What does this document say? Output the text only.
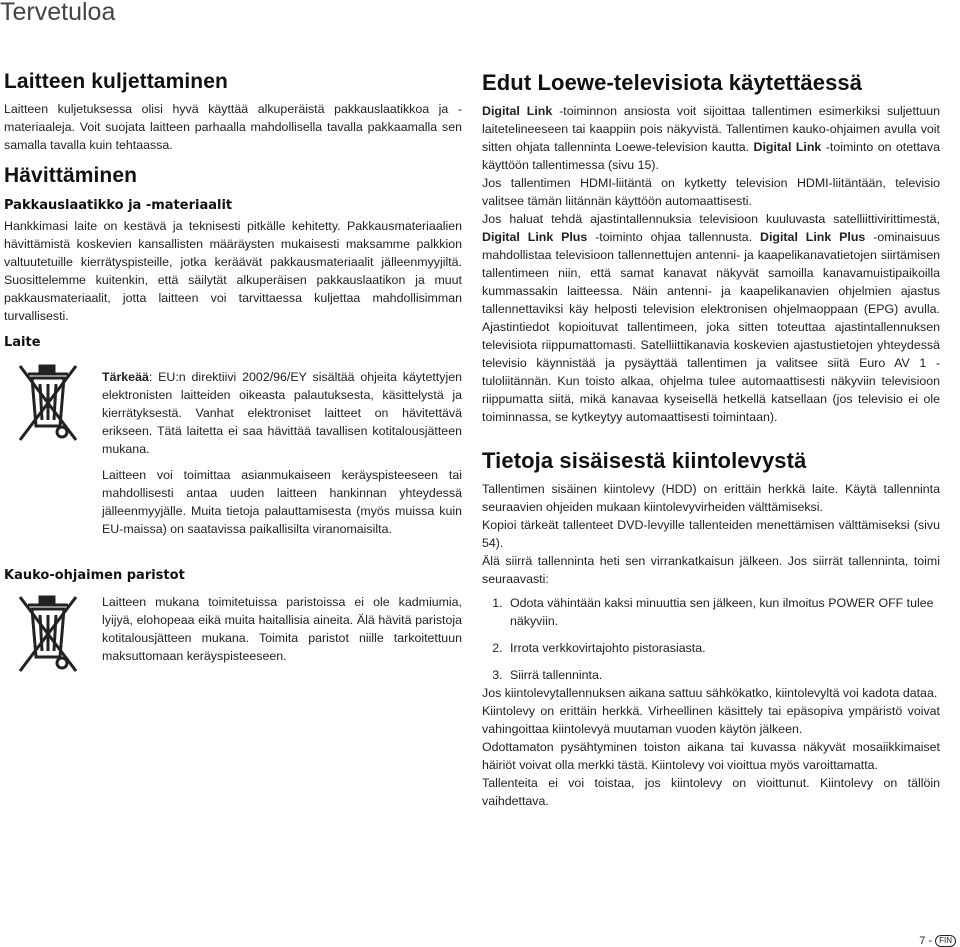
Tervetuloa
Laitteen kuljettaminen

Laitteen kuljetuksessa olisi hyvä käyttää alkuperäistä pakkauslaatikkoa ja -materiaaleja. Voit suojata laitteen parhaalla mahdollisella tavalla pakkaamalla sen samalla tavalla kuin tehtaassa.

Hävittäminen
Pakkauslaatikko ja -materiaalit

Hankkimasi laite on kestävä ja teknisesti pitkälle kehitetty. Pakkausmateriaalien hävittämistä koskevien kansallisten määräysten mukaisesti maksamme palkkion valtuutetuille kierrätyspisteille, jotka keräävät pakkausmateriaalit jälleenmyyjiltä. Suosittelemme kuitenkin, että säilytät alkuperäisen pakkauslaatikon ja muut pakkausmateriaalit, jotta laitteen voi tarvittaessa kuljettaa mahdollisimman turvallisesti.

Laite

Tärkeää: EU:n direktiivi 2002/96/EY sisältää ohjeita käytettyjen elektronisten laitteiden oikeasta palautuksesta, käsittelystä ja kierrätyksestä. Vanhat elektroniset laitteet on hävitettävä erikseen. Tätä laitetta ei saa hävittää tavallisen kotitalousjätteen mukana.

Laitteen voi toimittaa asianmukaiseen keräyspisteeseen tai mahdollisesti antaa uuden laitteen hankinnan yhteydessä jälleenmyyjälle. Muita tietoja palauttamisesta (myös muissa kuin EU-maissa) on saatavissa paikallisilta viranomaisilta.

Kauko-ohjaimen paristot

Laitteen mukana toimitetuissa paristoissa ei ole kadmiumia, lyijyä, elohopeaa eikä muita haitallisia aineita. Älä hävitä paristoja kotitalousjätteen mukana. Toimita paristot niille tarkoitettuun maksuttomaan keräyspisteeseen.

Edut Loewe-televisiota käytettäessä

Digital Link -toiminnon ansiosta voit sijoittaa tallentimen esimerkiksi suljettuun laitetelineeseen tai kaappiin pois näkyvistä. Tallentimen kauko-ohjaimen avulla voit sitten ohjata tallenninta Loewe-television kautta. Digital Link -toiminto on otettava käyttöön tallentimessa (sivu 15).

Jos tallentimen HDMI-liitäntä on kytketty television HDMI-liitäntään, televisio valitsee tämän liitännän käyttöön automaattisesti.

Jos haluat tehdä ajastintallennuksia televisioon kuuluvasta satelliittivirittimestä, Digital Link Plus -toiminto ohjaa tallennusta. Digital Link Plus -ominaisuus mahdollistaa televisioon tallennettujen antenni- ja kaapelikanavatietojen siirtämisen tallentimeen niin, että samat kanavat näkyvät samoilla kanavamuistipaikoilla kummassakin laitteessa. Näin antenni- ja kaapelikanavien ohjelmien ajastus tallennettaviksi käy helposti television elektronisen ohjelmaoppaan (EPG) avulla. Ajastintiedot kopioituvat tallentimeen, joka sitten toteuttaa ajastintallennuksen televisiota riippumattomasti. Satelliittikanavia koskevien ajastustietojen yhteydessä televisio käynnistää ja pysäyttää tallentimen ja valitsee siitä Euro AV 1 -tuloliitännän. Kun toisto alkaa, ohjelma tulee automaattisesti näkyviin televisioon riippumatta siitä, mikä kanavaa kyseisellä hetkellä katsellaan (jos televisio ei ole toiminnassa, se kytkeytyy automaattisesti toimintaan).

Tietoja sisäisestä kiintolevystä

Tallentimen sisäinen kiintolevy (HDD) on erittäin herkkä laite. Käytä tallenninta seuraavien ohjeiden mukaan kiintolevyvirheiden välttämiseksi.

Kopioi tärkeät tallenteet DVD-levyille tallenteiden menettämisen välttämiseksi (sivu 54).

Älä siirrä tallenninta heti sen virrankatkaisun jälkeen. Jos siirrät tallenninta, toimi seuraavasti:

1. Odota vähintään kaksi minuuttia sen jälkeen, kun ilmoitus POWER OFF tulee näkyviin.
2. Irrota verkkovirtajohto pistorasiasta.
3. Siirrä tallenninta.

Jos kiintolevytallennuksen aikana sattuu sähkökatko, kiintolevyltä voi kadota dataa.

Kiintolevy on erittäin herkkä. Virheellinen käsittely tai epäsopiva ympäristö voivat vahingoittaa kiintolevyä muutaman vuoden käytön jälkeen.

Odottamaton pysähtyminen toiston aikana tai kuvassa näkyvät mosaiikkimaiset häiriöt voivat olla merkki tästä. Kiintolevy voi vioittua myös varoittamatta.

Tallenteita ei voi toistaa, jos kiintolevy on vioittunut. Kiintolevy on tällöin vaihdettava.

7 - FIN
